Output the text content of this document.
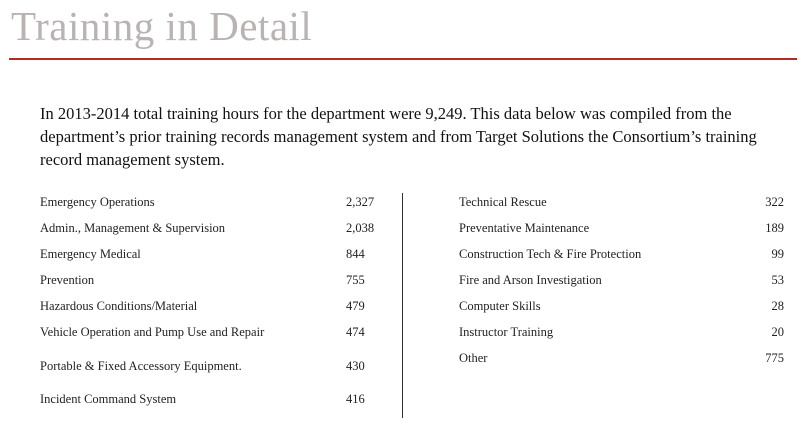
Training in Detail

In 2013-2014 total training hours for the department were 9,249. This data below was compiled from the department’s prior training records management system and from Target Solutions the Consortium’s training record management system.

Emergency Operations	2,327
Admin., Management & Supervision	2,038
Emergency Medical	844
Prevention	755
Hazardous Conditions/Material	479
Vehicle Operation and Pump Use and Repair	474
Portable & Fixed Accessory Equipment.	430
Incident Command System	416
Technical Rescue	322
Preventative Maintenance	189
Construction Tech & Fire Protection	99
Fire and Arson Investigation	53
Computer Skills	28
Instructor Training	20
Other	775
